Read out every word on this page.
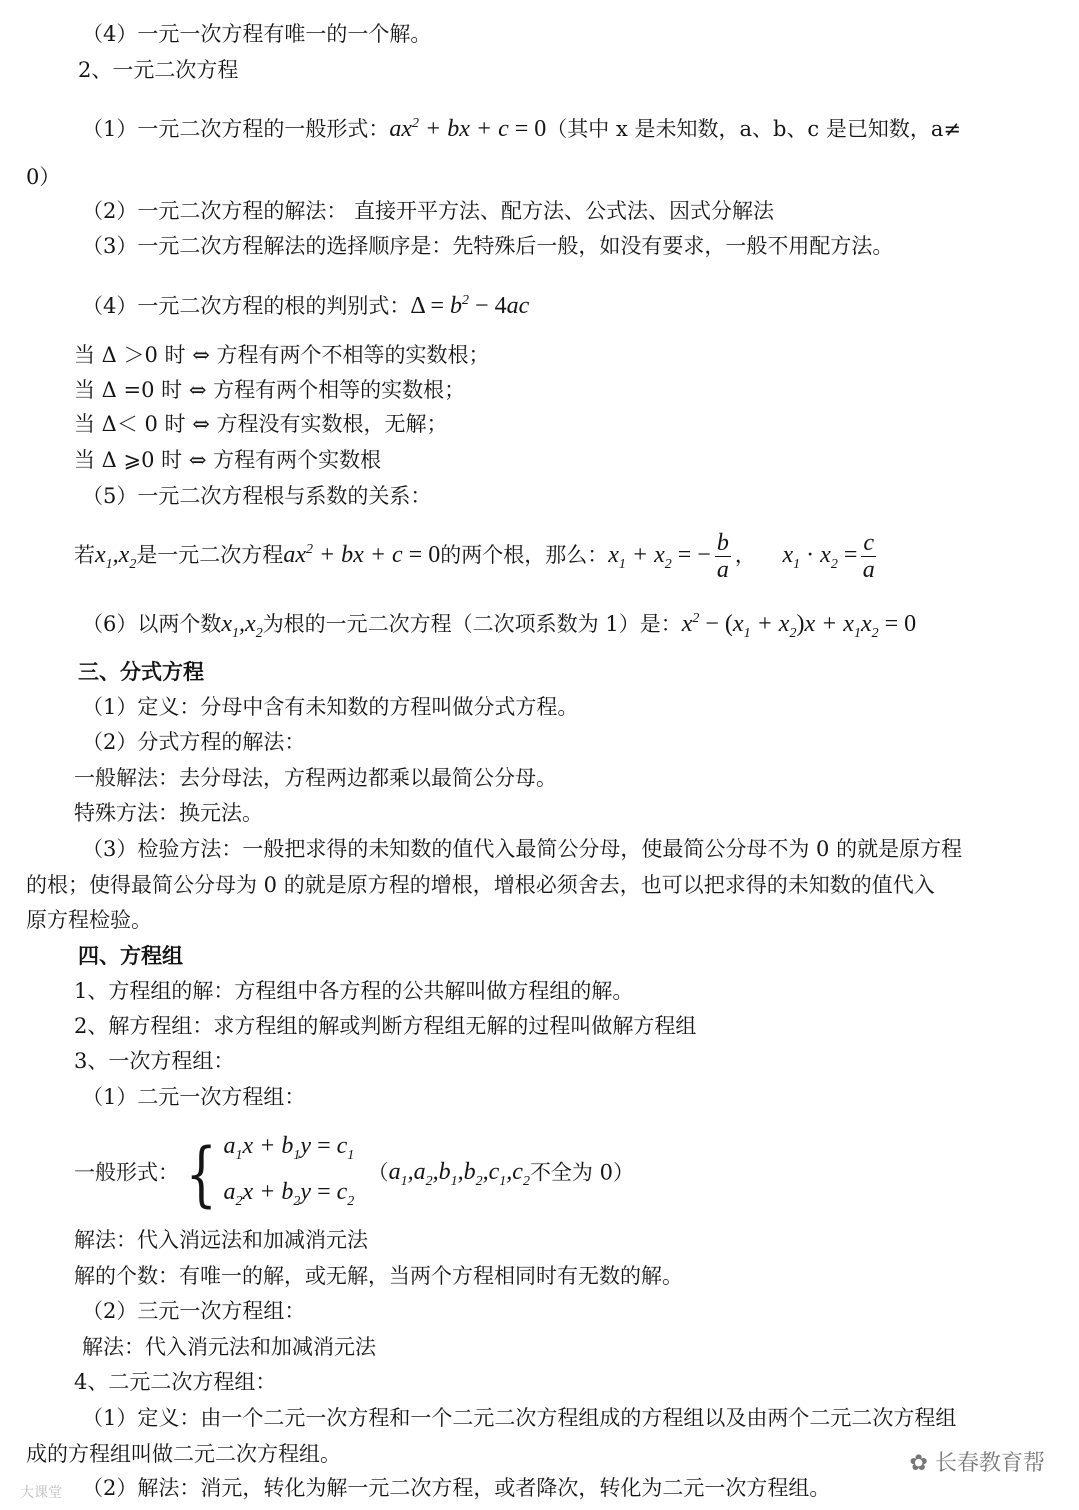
（4）一元一次方程有唯一的一个解。
2、一元二次方程
（1）一元二次方程的一般形式：$ax^2$ + bx + c = 0（其中 x 是未知数，a、b、c 是已知数，a≠
0）
（2）一元二次方程的解法： 直接开平方法、配方法、公式法、因式分解法
（3）一元二次方程解法的选择顺序是：先特殊后一般，如没有要求，一般不用配方法。
（4）一元二次方程的根的判别式：$\Delta = b^2 - 4ac$
当 Δ ＞0 时 ⇔ 方程有两个不相等的实数根；
当 Δ =0 时 ⇔ 方程有两个相等的实数根；
当 Δ＜ 0 时 ⇔ 方程没有实数根，无解；
当 Δ ⩾0 时 ⇔ 方程有两个实数根
（5）一元二次方程根与系数的关系：
若$x_1,x_2$是一元二次方程$ax^2$ + bx + c = 0的两个根，那么：$x_1 + x_2$ = − $\frac{b}{a}$ ，    $x_1 \cdot x_2 = \frac{c}{a}$
（6）以两个数$x_1,x_2$为根的一元二次方程（二次项系数为 1）是：$x^2 - (x_1 + x_2)x + x_1x_2 = 0$
三、分式方程
（1）定义：分母中含有未知数的方程叫做分式方程。
（2）分式方程的解法：
一般解法：去分母法，方程两边都乘以最简公分母。
特殊方法：换元法。
（3）检验方法：一般把求得的未知数的值代入最简公分母，使最简公分母不为 0 的就是原方程
的根；使得最简公分母为 0 的就是原方程的增根，增根必须舍去，也可以把求得的未知数的值代入
原方程检验。
四、方程组
1、方程组的解：方程组中各方程的公共解叫做方程组的解。
2、解方程组：求方程组的解或判断方程组无解的过程叫做解方程组
3、一次方程组：
（1）二元一次方程组：
一般形式：{ $a_1x + b_1y = c_1$
$a_2x + b_2y = c_2$  （$a_1,a_2,b_1,b_2,c_1,c_2$不全为 0）
解法：代入消远法和加减消元法
解的个数：有唯一的解，或无解，当两个方程相同时有无数的解。
（2）三元一次方程组：
解法：代入消元法和加减消元法
4、二元二次方程组：
（1）定义：由一个二元一次方程和一个二元二次方程组成的方程组以及由两个二元二次方程组
成的方程组叫做二元二次方程组。
（2）解法：消元，转化为解一元二次方程，或者降次，转化为二元一次方程组。
✿ 长春教育帮
大课堂
